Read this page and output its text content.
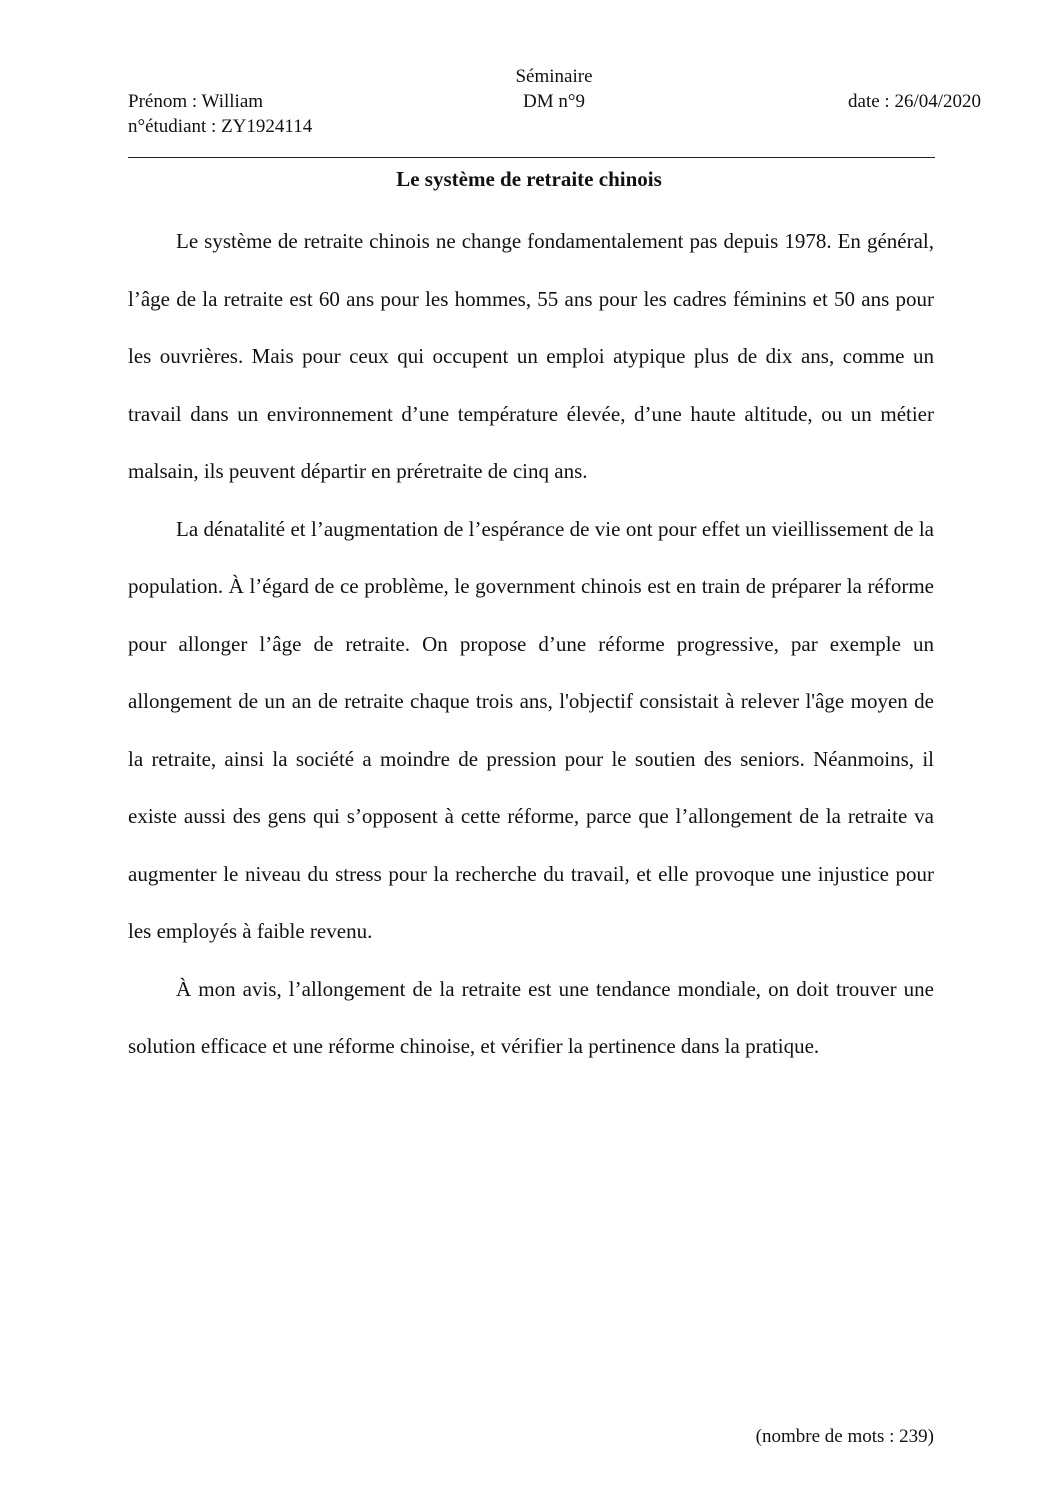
Séminaire
DM n°9
Prénom : William
n°étudiant : ZY1924114
date : 26/04/2020
Le système de retraite chinois

Le système de retraite chinois ne change fondamentalement pas depuis 1978. En général, l’âge de la retraite est 60 ans pour les hommes, 55 ans pour les cadres féminins et 50 ans pour les ouvrières. Mais pour ceux qui occupent un emploi atypique plus de dix ans, comme un travail dans un environnement d’une température élevée, d’une haute altitude, ou un métier malsain, ils peuvent départir en préretraite de cinq ans.

La dénatalité et l’augmentation de l’espérance de vie ont pour effet un vieillissement de la population. À l’égard de ce problème, le government chinois est en train de préparer la réforme pour allonger l’âge de retraite. On propose d’une réforme progressive, par exemple un allongement de un an de retraite chaque trois ans, l'objectif consistait à relever l'âge moyen de la retraite, ainsi la société a moindre de pression pour le soutien des seniors. Néanmoins, il existe aussi des gens qui s’opposent à cette réforme, parce que l’allongement de la retraite va augmenter le niveau du stress pour la recherche du travail, et elle provoque une injustice pour les employés à faible revenu.

À mon avis, l’allongement de la retraite est une tendance mondiale, on doit trouver une solution efficace et une réforme chinoise, et vérifier la pertinence dans la pratique.

(nombre de mots : 239)
